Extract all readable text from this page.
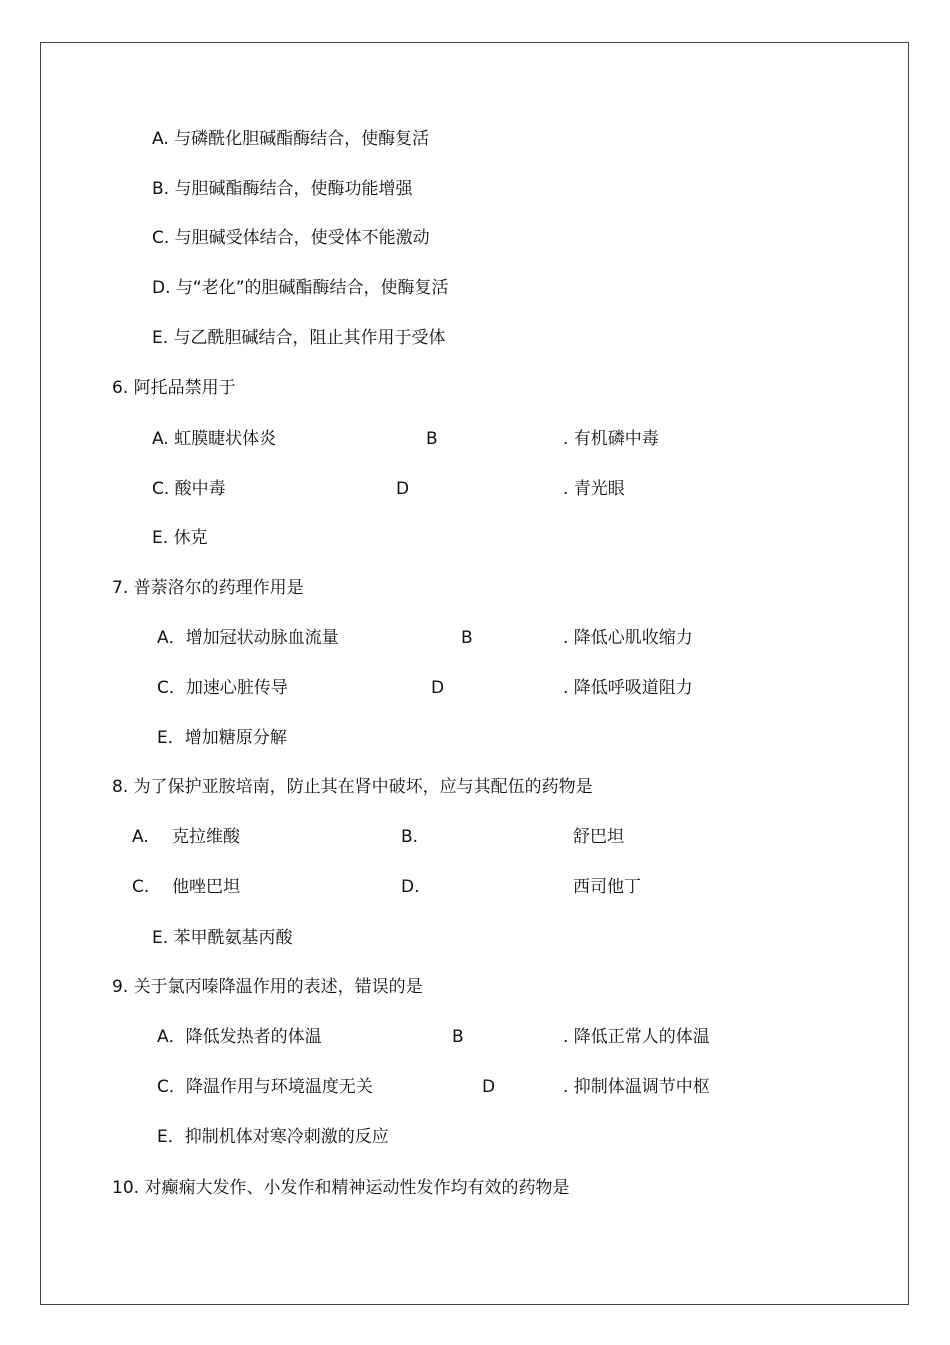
A. 与磷酰化胆碱酯酶结合，使酶复活
B. 与胆碱酯酶结合，使酶功能增强
C. 与胆碱受体结合，使受体不能激动
D. 与“老化”的胆碱酯酶结合，使酶复活
E. 与乙酰胆碱结合，阻止其作用于受体
6. 阿托品禁用于
A. 虹膜睫状体炎	B	. 有机磷中毒
C. 酸中毒	D	. 青光眼
E. 休克
7. 普萘洛尔的药理作用是
A．增加冠状动脉血流量	B	. 降低心肌收缩力
C．加速心脏传导	D	. 降低呼吸道阻力
E．增加糖原分解
8. 为了保护亚胺培南，防止其在肾中破坏，应与其配伍的药物是
A. 克拉维酸	B.	舒巴坦
C. 他唑巴坦	D.	西司他丁
E. 苯甲酰氨基丙酸
9. 关于氯丙嗪降温作用的表述，错误的是
A．降低发热者的体温	B	. 降低正常人的体温
C．降温作用与环境温度无关	D	. 抑制体温调节中枢
E．抑制机体对寒冷刺激的反应
10. 对癫痫大发作、小发作和精神运动性发作均有效的药物是
